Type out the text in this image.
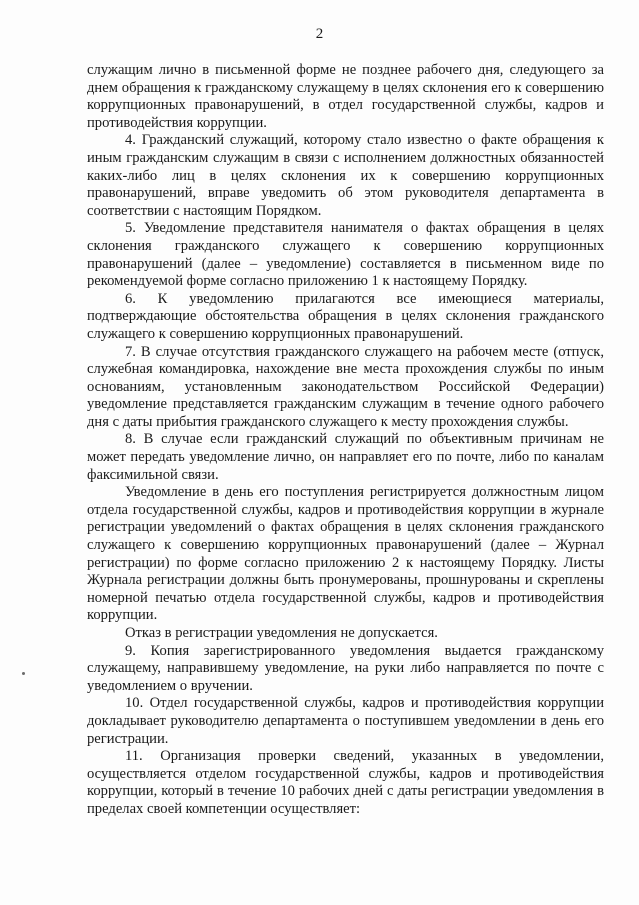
2

служащим лично в письменной форме не позднее рабочего дня, следующего за днем обращения к гражданскому служащему в целях склонения его к совершению коррупционных правонарушений, в отдел государственной службы, кадров и противодействия коррупции.

4. Гражданский служащий, которому стало известно о факте обращения к иным гражданским служащим в связи с исполнением должностных обязанностей каких-либо лиц в целях склонения их к совершению коррупционных правонарушений, вправе уведомить об этом руководителя департамента в соответствии с настоящим Порядком.

5. Уведомление представителя нанимателя о фактах обращения в целях склонения гражданского служащего к совершению коррупционных правонарушений (далее – уведомление) составляется в письменном виде по рекомендуемой форме согласно приложению 1 к настоящему Порядку.

6. К уведомлению прилагаются все имеющиеся материалы, подтверждающие обстоятельства обращения в целях склонения гражданского служащего к совершению коррупционных правонарушений.

7. В случае отсутствия гражданского служащего на рабочем месте (отпуск, служебная командировка, нахождение вне места прохождения службы по иным основаниям, установленным законодательством Российской Федерации) уведомление представляется гражданским служащим в течение одного рабочего дня с даты прибытия гражданского служащего к месту прохождения службы.

8. В случае если гражданский служащий по объективным причинам не может передать уведомление лично, он направляет его по почте, либо по каналам факсимильной связи.

Уведомление в день его поступления регистрируется должностным лицом отдела государственной службы, кадров и противодействия коррупции в журнале регистрации уведомлений о фактах обращения в целях склонения гражданского служащего к совершению коррупционных правонарушений (далее – Журнал регистрации) по форме согласно приложению 2 к настоящему Порядку. Листы Журнала регистрации должны быть пронумерованы, прошнурованы и скреплены номерной печатью отдела государственной службы, кадров и противодействия коррупции.

Отказ в регистрации уведомления не допускается.

9. Копия зарегистрированного уведомления выдается гражданскому служащему, направившему уведомление, на руки либо направляется по почте с уведомлением о вручении.

10. Отдел государственной службы, кадров и противодействия коррупции докладывает руководителю департамента о поступившем уведомлении в день его регистрации.

11. Организация проверки сведений, указанных в уведомлении, осуществляется отделом государственной службы, кадров и противодействия коррупции, который в течение 10 рабочих дней с даты регистрации уведомления в пределах своей компетенции осуществляет:
